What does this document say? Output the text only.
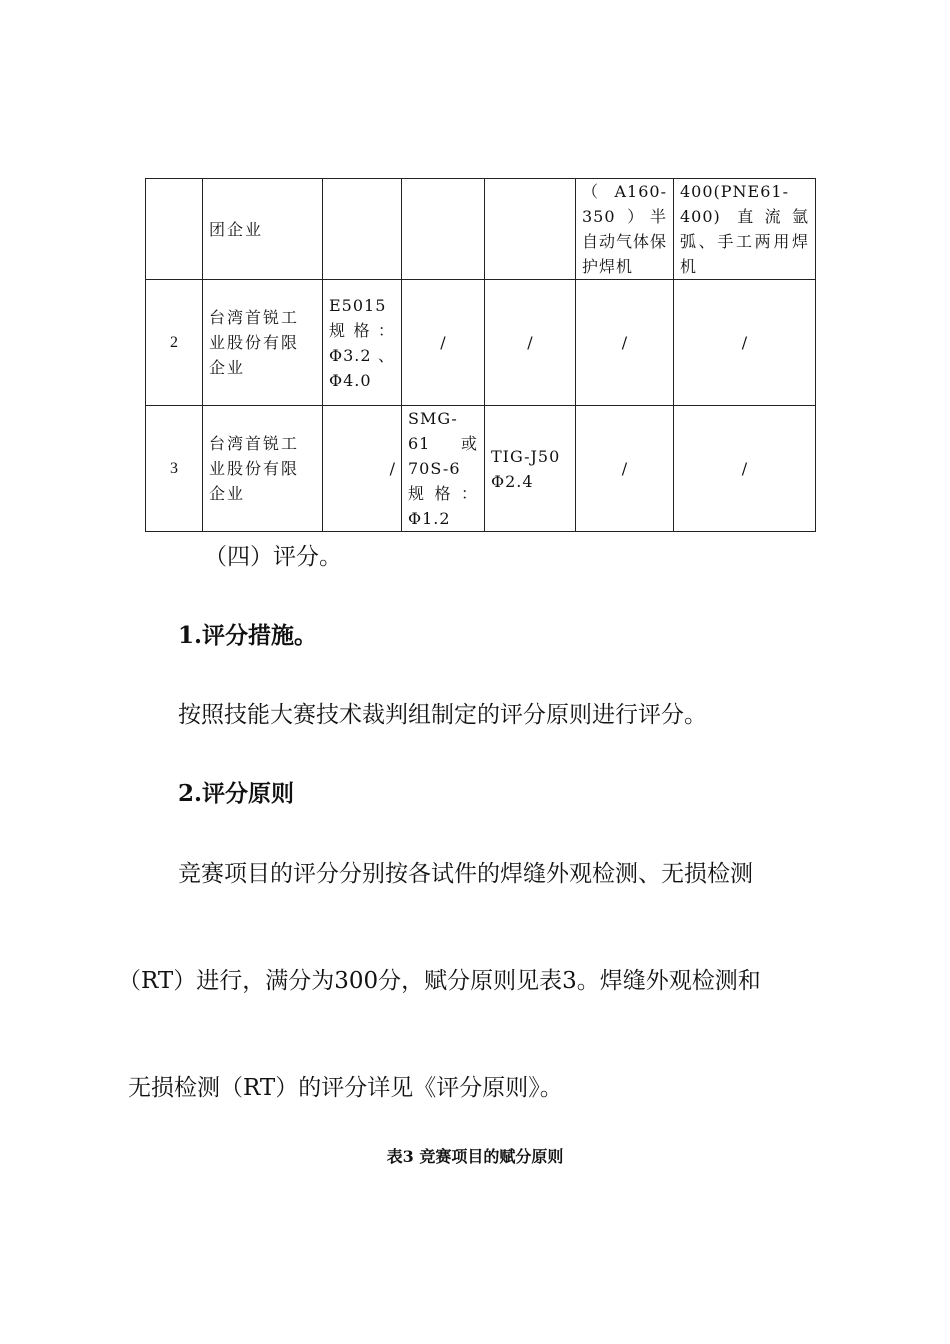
	团企业				（ A160-350 ）半自动气体保护焊机	400(PNE61-400) 直流氩弧、手工两用焊机
2	台湾首锐工业股份有限企业	E5015规格：Φ3.2、Φ4.0	/	/	/	/
3	台湾首锐工业股份有限企业	/	SMG-61或 70S-6 规格：Φ1.2	TIG-J50 Φ2.4	/	/
（四）评分。
1.评分措施。
按照技能大赛技术裁判组制定的评分原则进行评分。
2.评分原则
竞赛项目的评分分别按各试件的焊缝外观检测、无损检测
（RT）进行，满分为300分，赋分原则见表3。焊缝外观检测和
无损检测（RT）的评分详见《评分原则》。
表3 竞赛项目的赋分原则
